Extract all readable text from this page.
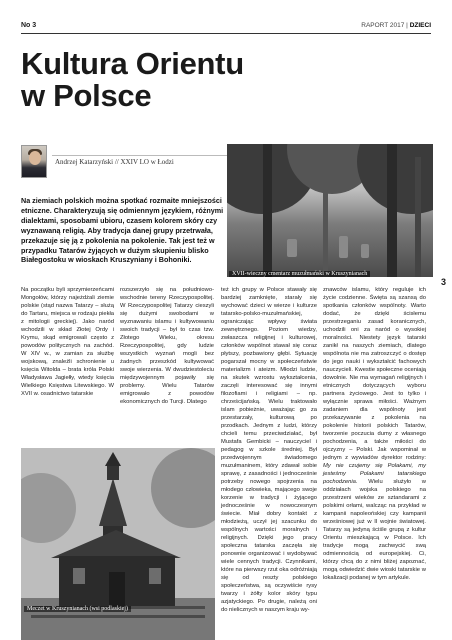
No 3	RAPORT 2017 | DZIECI
Kultura Orientu
w Polsce
Andrzej Katarzyński // XXIV LO w Łodzi
Na ziemiach polskich można spotkać rozmaite mniejszości etniczne. Charakteryzują się odmiennym językiem, różnymi dialektami, sposobami ubioru, czasem kolorem skóry czy wyznawaną religią. Aby tradycja danej grupy przetrwała, przekazuje się ją z pokolenia na pokolenie. Tak jest też w przypadku Tatarów żyjących w dużym skupieniu blisko Białegostoku w wioskach Kruszyniany i Bohoniki.
XVII-wieczny cmentarz muzułmański w Kruszynianach
Na początku byli sprzymierzeńcami Mongołów, którzy najeżdżali ziemie polskie (stąd nazwa Tatarzy – służą do Tartaru, miejsca w rodzaju piekła z mitologii greckiej). Jako naród wchodzili w skład Złotej Ordy i Krymu, skąd emigrowali często z powodów politycznych na zachód. W XIV w., w zamian za służbę wojskową, znaleźli schronienie u księcia Witolda – brata króla Polski Władysława Jagiełły, wtedy księcia Wielkiego Księstwa Litewskiego. W XVII w. osadnictwo tatarskie
rozszerzyło się na południowo-wschodnie tereny Rzeczypospolitej. W Rzeczypospolitej Tatarzy cieszyli się dużymi swobodami w wyznawaniu islamu i kultywowaniu swoich tradycji – był to czas tzw. Złotego Wieku, okresu Rzeczypospolitej, gdy ludzie wszystkich wyznań mogli bez żadnych przeszkód kultywować swoje wierzenia. W dwudziestoleciu międzywojennym pojawiły się problemy. Wielu Tatarów emigrowało z powodów ekonomicznych do Turcji. Dlatego
też ich grupy w Polsce stawały się bardziej zamknięte, starały się wychować dzieci w wierze i kulturze tatarsko-polsko-muzułmańskiej, ograniczając wpływy świata zewnętrznego. Poziom wiedzy, zwłaszcza religijnej i kulturowej, członków wspólnot stawał się coraz płytszy, pozbawiony głębi. Sytuację pogarszał mocny w społeczeństwie materializm i ateizm. Młodzi ludzie, na skutek wzrostu wykształcenia, zaczęli interesować się innymi filozofiami i religiami – np. chrześcijańską. Wielu traktowało islam pobieżnie, uważając go za przestarzały, kulturową po przodkach. Jednym z ludzi, którzy chcieli temu przeciwdziałać, był Mustafa Gembicki – nauczyciel i pedagog w szkole średniej. Był przedwojennym świadomego muzułmaninem, który zdawał sobie sprawę, z zasadności i jednocześnie potrzeby nowego spojrzenia na młodego człowieka, mającego swoje korzenie w tradycji i żyjącego jednocześnie w nowoczesnym świecie. Miał dobry kontakt z młodzieżą, uczył jej szacunku do wspólnych wartości moralnych i religijnych. Dzięki jego pracy społeczna tatarska zaczęła się ponownie organizować i wydobywać wiele cennych tradycji. Czynnikami, które na pierwszy rzut oka odróżniają się od reszty polskiego społeczeństwa, są oczywiście rysy twarzy i żółty kolor skóry typu azjatyckiego. Po drugie, należą oni do nielicznych w naszym kraju wy-
znawców islamu, który reguluje ich życie codzienne. Święta są szansą do spotkania członków wspólnoty. Warto dodać, że dzięki ścisłemu przestrzeganiu zasad koranicznych, uchodzili oni za naród o wysokiej moralności. Niestety język tatarski zanikł na naszych ziemiach, dlatego wspólnota nie ma zatroszczyć o dostęp do jego nauki i wykształcić fachowych nauczycieli. Kwestie społeczne oceniają dowolnie. Nie ma wymagań religijnych i etnicznych dotyczących wyboru partnera życiowego. Jest to tylko i wyłącznie sprawa miłości. Ważnym zadaniem dla wspólnoty jest przekazywanie z pokolenia na pokolenie historii polskich Tatarów, tworzenie poczucia dumy z własnego pochodzenia, a także miłości do ojczyzny – Polski. Jak wspominał w jednym z wywiadów dyrektor rodziny: My nie czujemy się Polakami, my jesteśmy Polakami tatarskiego pochodzenia. Wielu służyło w oddziałach wojska polskiego na przestrzeni wieków ze sztandarami z polskimi orłami, walcząc na przykład w kampanii napoleońskiej czy kampanii wrześniowej już w II wojnie światowej. Tatarzy są jedyną ściśle grupą z kultur Orientu mieszkającą w Polsce. Ich tradycje mogą zachwycić swą odmiennością od europejskiej. Ci, którzy chcą do z nimi bliżej zapoznać, mogą odwiedzić dwie wioski tatarskie w lokalizacji podanej w tym artykule.
Meczet w Kruszynianach (wsi podlaskiej)
3
